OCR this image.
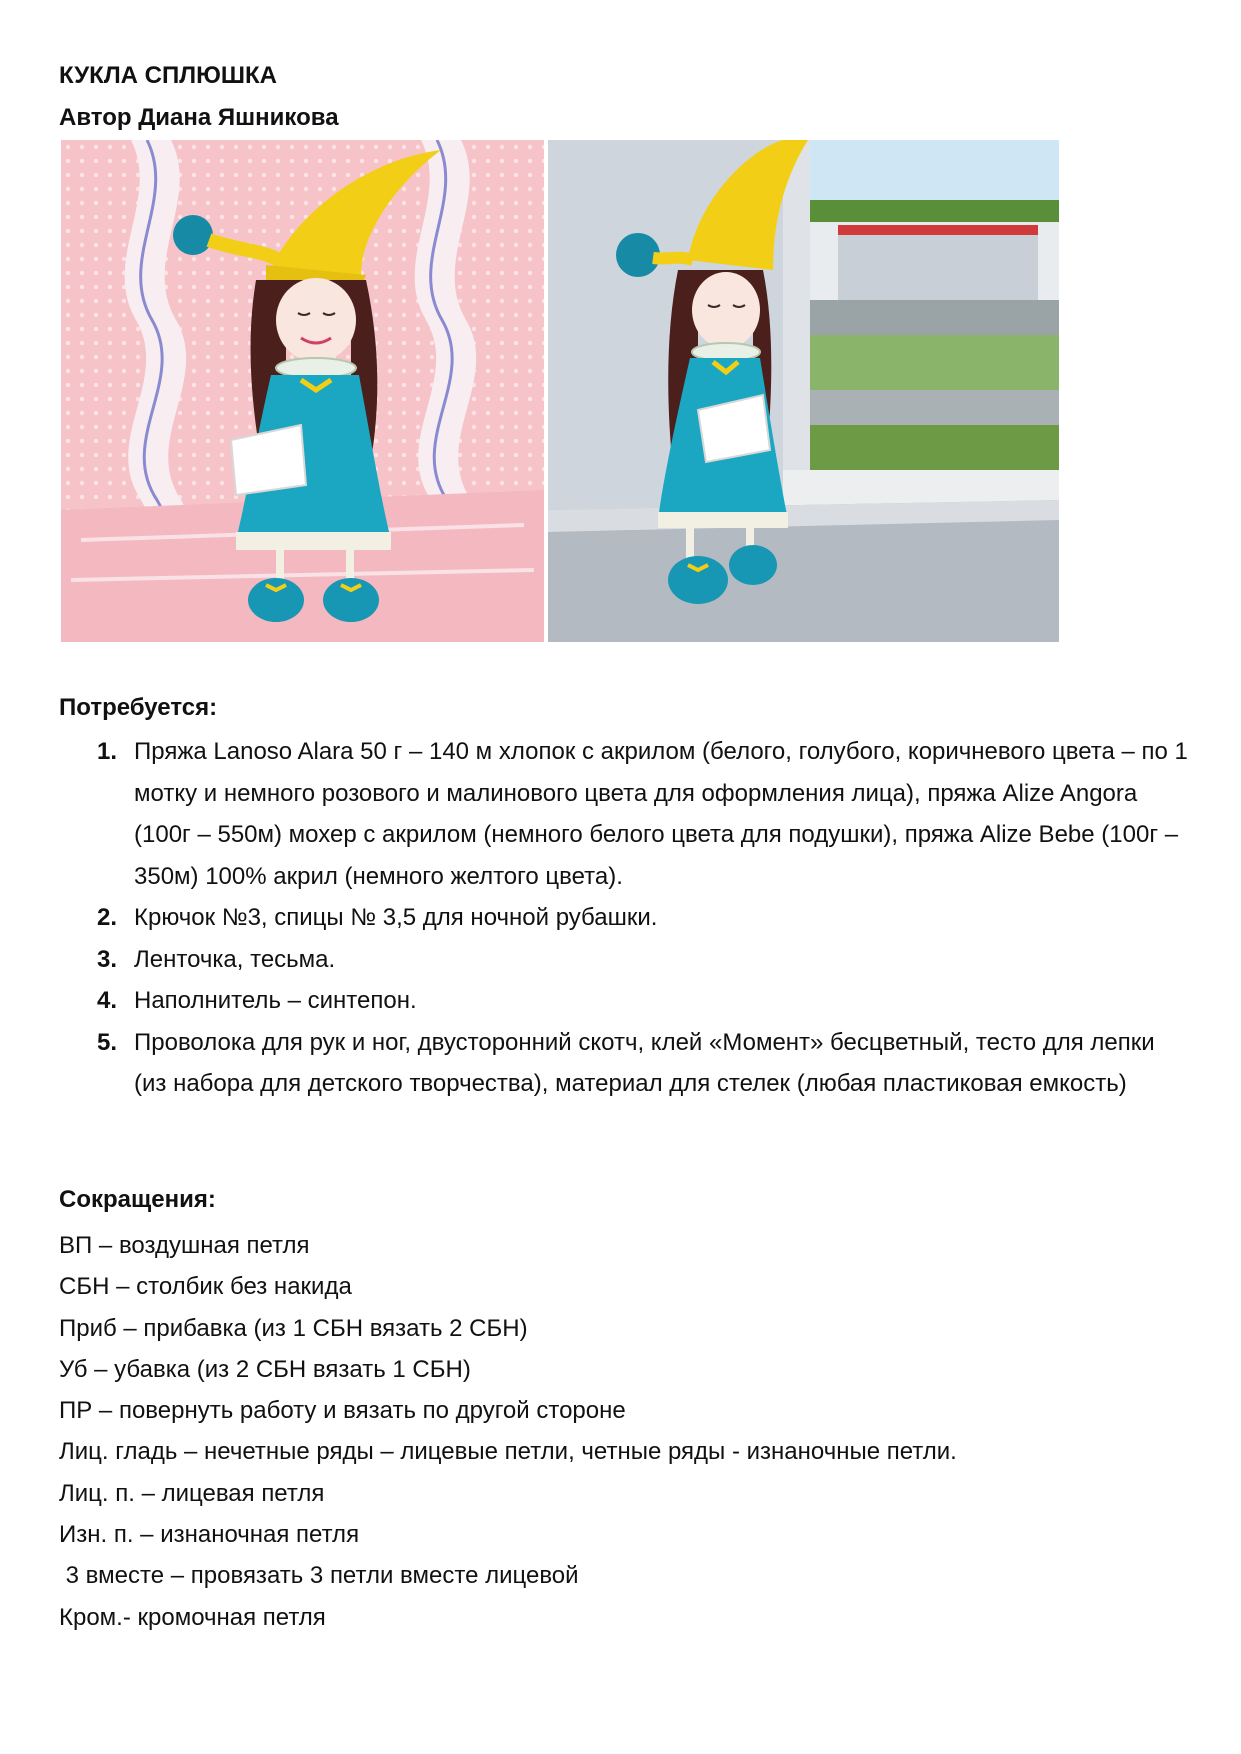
КУКЛА СПЛЮШКА
Автор Диана Яшникова
Потребуется:
1. Пряжа Lanoso Alara 50 г – 140 м хлопок с акрилом (белого, голубого, коричневого цвета – по 1 мотку и немного розового и малинового цвета для оформления лица), пряжа Alize Angora (100г – 550м) мохер с акрилом (немного белого цвета для подушки), пряжа Alize Bebe (100г – 350м) 100% акрил (немного желтого цвета).
2. Крючок №3, спицы № 3,5 для ночной рубашки.
3. Ленточка, тесьма.
4. Наполнитель – синтепон.
5. Проволока для рук и ног, двусторонний скотч, клей «Момент» бесцветный, тесто для лепки (из набора для детского творчества), материал для стелек (любая пластиковая емкость)
Сокращения:
ВП – воздушная петля
СБН – столбик без накида
Приб – прибавка (из 1 СБН вязать 2 СБН)
Уб – убавка (из 2 СБН вязать 1 СБН)
ПР – повернуть работу и вязать по другой стороне
Лиц. гладь – нечетные ряды – лицевые петли, четные ряды - изнаночные петли.
Лиц. п. – лицевая петля
Изн. п. – изнаночная петля
3 вместе – провязать 3 петли вместе лицевой
Кром.- кромочная петля
